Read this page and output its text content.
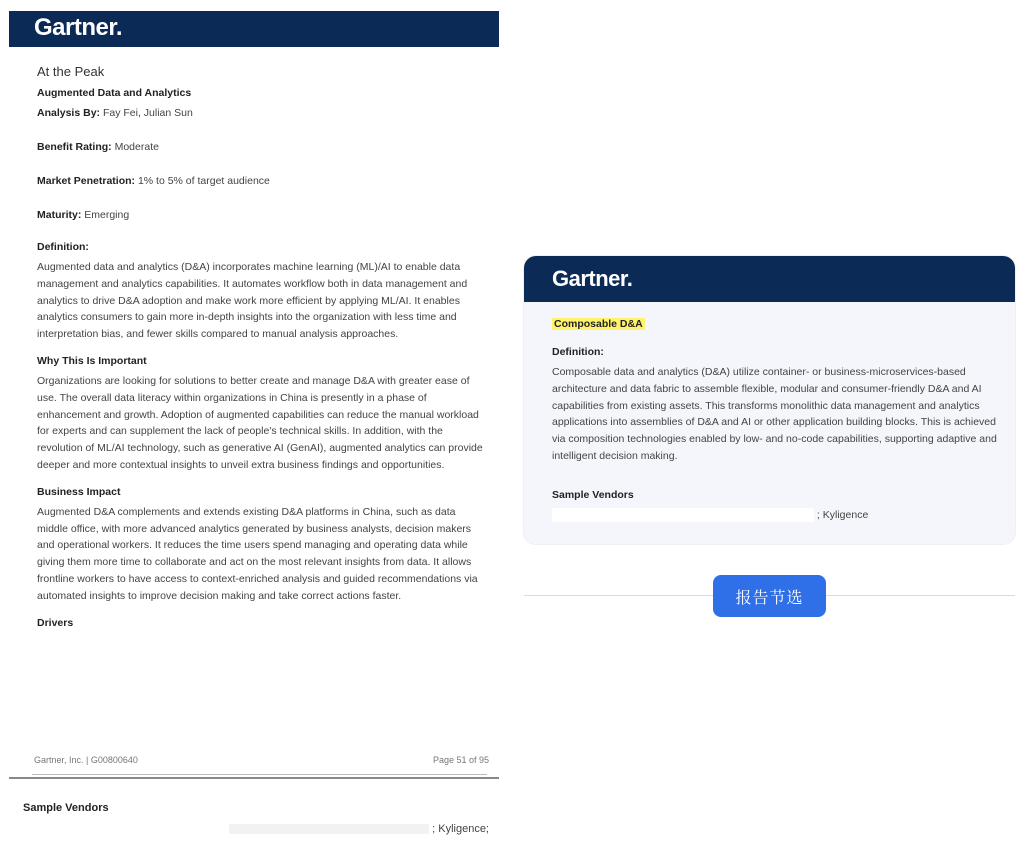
Gartner.

At the Peak

Augmented Data and Analytics

Analysis By: Fay Fei, Julian Sun

Benefit Rating: Moderate

Market Penetration: 1% to 5% of target audience

Maturity: Emerging

Definition:

Augmented data and analytics (D&A) incorporates machine learning (ML)/AI to enable data management and analytics capabilities. It automates workflow both in data management and analytics to drive D&A adoption and make work more efficient by applying ML/AI. It enables analytics consumers to gain more in-depth insights into the organization with less time and interpretation bias, and fewer skills compared to manual analysis approaches.

Why This Is Important

Organizations are looking for solutions to better create and manage D&A with greater ease of use. The overall data literacy within organizations in China is presently in a phase of enhancement and growth. Adoption of augmented capabilities can reduce the manual workload for experts and can supplement the lack of people's technical skills. In addition, with the revolution of ML/AI technology, such as generative AI (GenAI), augmented analytics can provide deeper and more contextual insights to unveil extra business findings and opportunities.

Business Impact

Augmented D&A complements and extends existing D&A platforms in China, such as data middle office, with more advanced analytics generated by business analysts, decision makers and operational workers. It reduces the time users spend managing and operating data while giving them more time to collaborate and act on the most relevant insights from data. It allows frontline workers to have access to context-enriched analysis and guided recommendations via automated insights to improve decision making and take correct actions faster.

Drivers

Gartner, Inc. | G00800640	Page 51 of 95
Sample Vendors
; Kyligence;
Gartner.
Composable D&A

Definition:

Composable data and analytics (D&A) utilize container- or business-microservices-based architecture and data fabric to assemble flexible, modular and consumer-friendly D&A and AI capabilities from existing assets. This transforms monolithic data management and analytics applications into assemblies of D&A and AI or other application building blocks. This is achieved via composition technologies enabled by low- and no-code capabilities, supporting adaptive and intelligent decision making.

Sample Vendors

; Kyligence
报告节选
